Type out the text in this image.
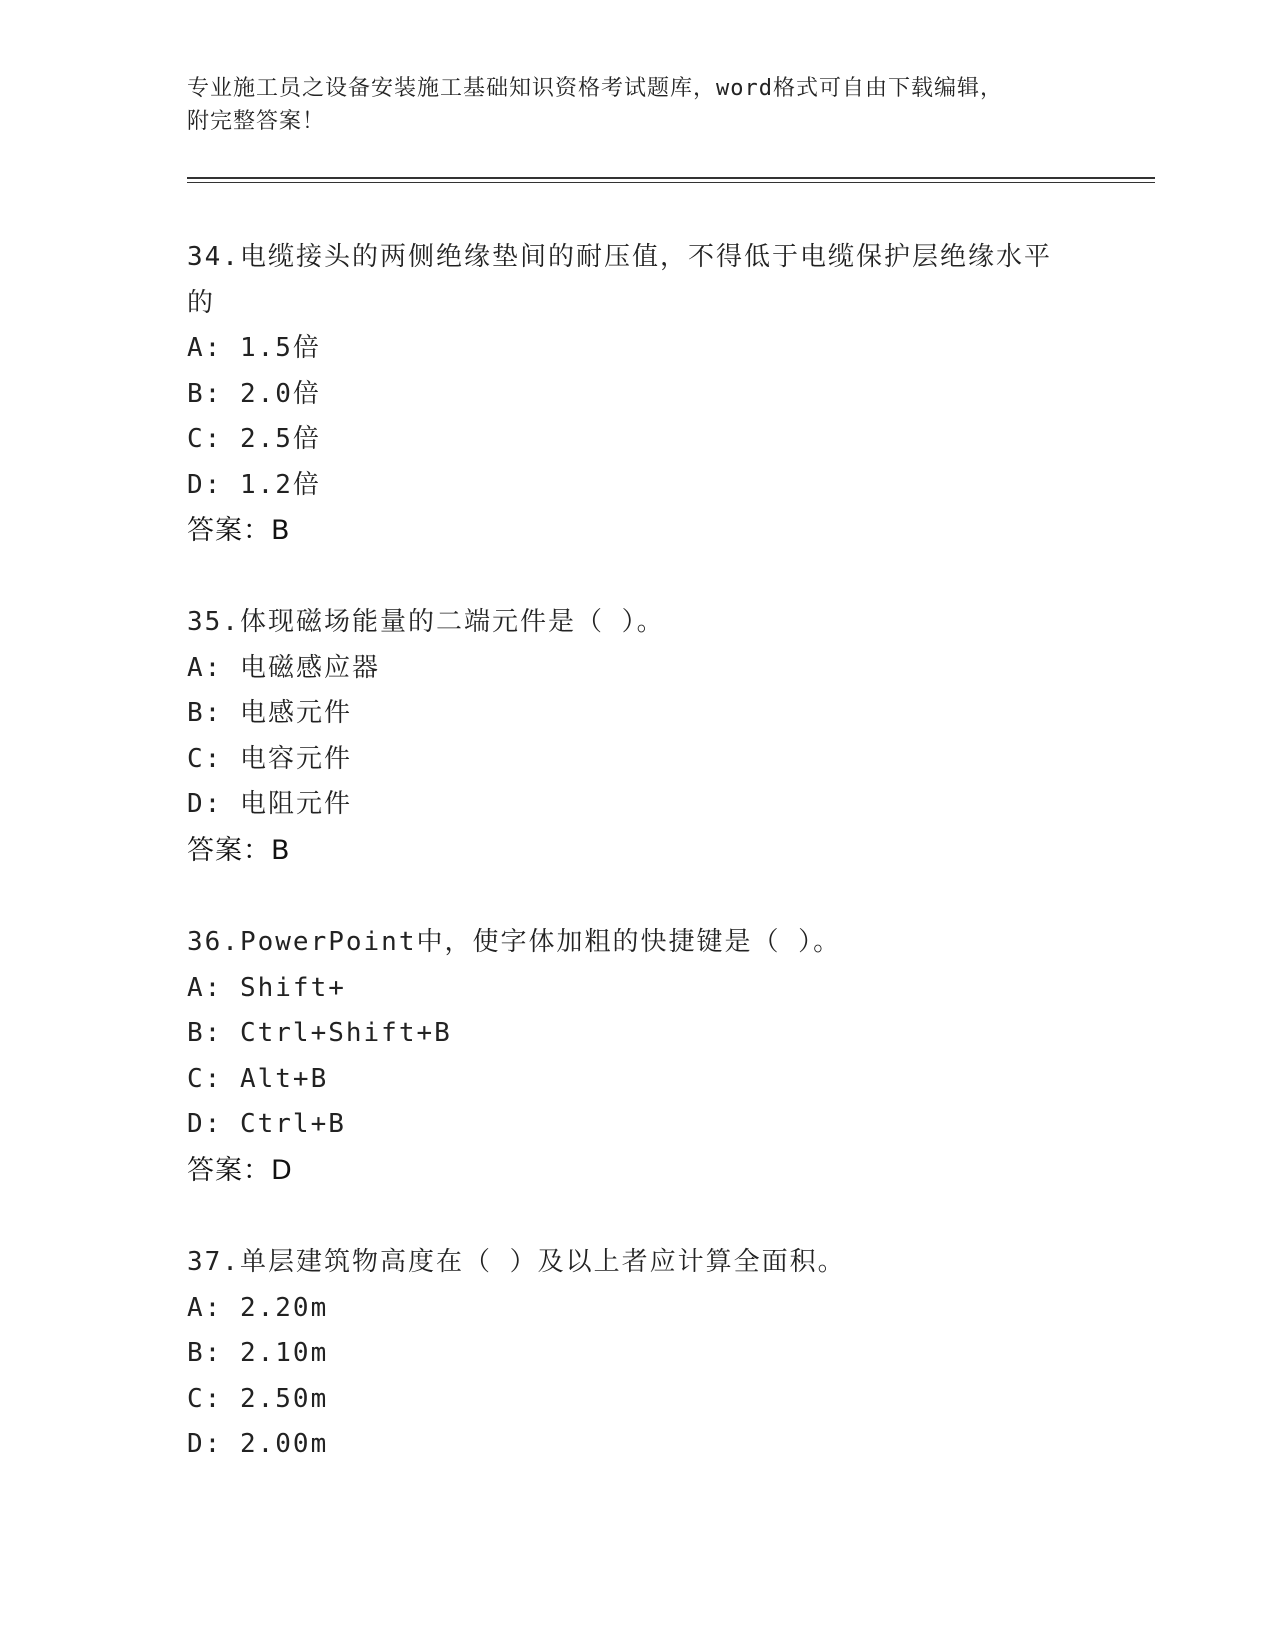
专业施工员之设备安装施工基础知识资格考试题库，word格式可自由下载编辑，
附完整答案！
34.电缆接头的两侧绝缘垫间的耐压值，不得低于电缆保护层绝缘水平的
A: 1.5倍
B: 2.0倍
C: 2.5倍
D: 1.2倍
答案：B
35.体现磁场能量的二端元件是（ ）。
A: 电磁感应器
B: 电感元件
C: 电容元件
D: 电阻元件
答案：B
36.PowerPoint中，使字体加粗的快捷键是（ ）。
A: Shift+
B: Ctrl+Shift+B
C: Alt+B
D: Ctrl+B
答案：D
37.单层建筑物高度在（ ）及以上者应计算全面积。
A: 2.20m
B: 2.10m
C: 2.50m
D: 2.00m
